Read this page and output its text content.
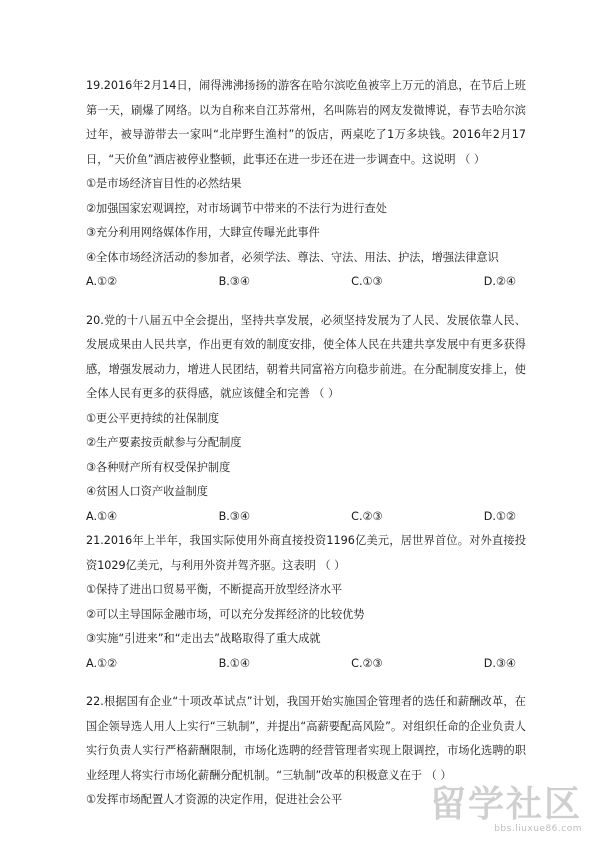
19.2016年2月14日，闹得沸沸扬扬的游客在哈尔滨吃鱼被宰上万元的消息，在节后上班第一天，刷爆了网络。以为自称来自江苏常州，名叫陈岩的网友发微博说，春节去哈尔滨过年，被导游带去一家叫“北岸野生渔村”的饭店，两桌吃了1万多块钱。2016年2月17日，“天价鱼”酒店被停业整顿，此事还在进一步还在进一步调查中。这说明 （ ）

①是市场经济盲目性的必然结果

②加强国家宏观调控，对市场调节中带来的不法行为进行查处

③充分利用网络媒体作用，大肆宣传曝光此事件

④全体市场经济活动的参加者，必须学法、尊法、守法、用法、护法，增强法律意识

A.①②	B.③④	C.①③	D.②④

20.党的十八届五中全会提出，坚持共享发展，必须坚持发展为了人民、发展依靠人民、发展成果由人民共享，作出更有效的制度安排，使全体人民在共建共享发展中有更多获得感，增强发展动力，增进人民团结，朝着共同富裕方向稳步前进。在分配制度安排上，使全体人民有更多的获得感，就应该健全和完善 （ ）

①更公平更持续的社保制度

②生产要素按贡献参与分配制度

③各种财产所有权受保护制度

④贫困人口资产收益制度

A.①④	B.③④	C.②③	D.①②

21.2016年上半年，我国实际使用外商直接投资1196亿美元，居世界首位。对外直接投资1029亿美元，与利用外资并驾齐驱。这表明 （ ）

①保持了进出口贸易平衡，不断提高开放型经济水平

②可以主导国际金融市场，可以充分发挥经济的比较优势

③实施“引进来”和“走出去”战略取得了重大成就

A.①②	B.①④	C.②③	D.③④

22.根据国有企业“十项改革试点”计划，我国开始实施国企管理者的选任和薪酬改革，在国企领导选人用人上实行“三轨制”，并提出“高薪要配高风险”。对组织任命的企业负责人实行负责人实行严格薪酬限制，市场化选聘的经营管理者实现上限调控，市场化选聘的职业经理人将实行市场化薪酬分配机制。“三轨制”改革的积极意义在于 （ ）

①发挥市场配置人才资源的决定作用，促进社会公平	留学社区
bbs.liuxue86.com
